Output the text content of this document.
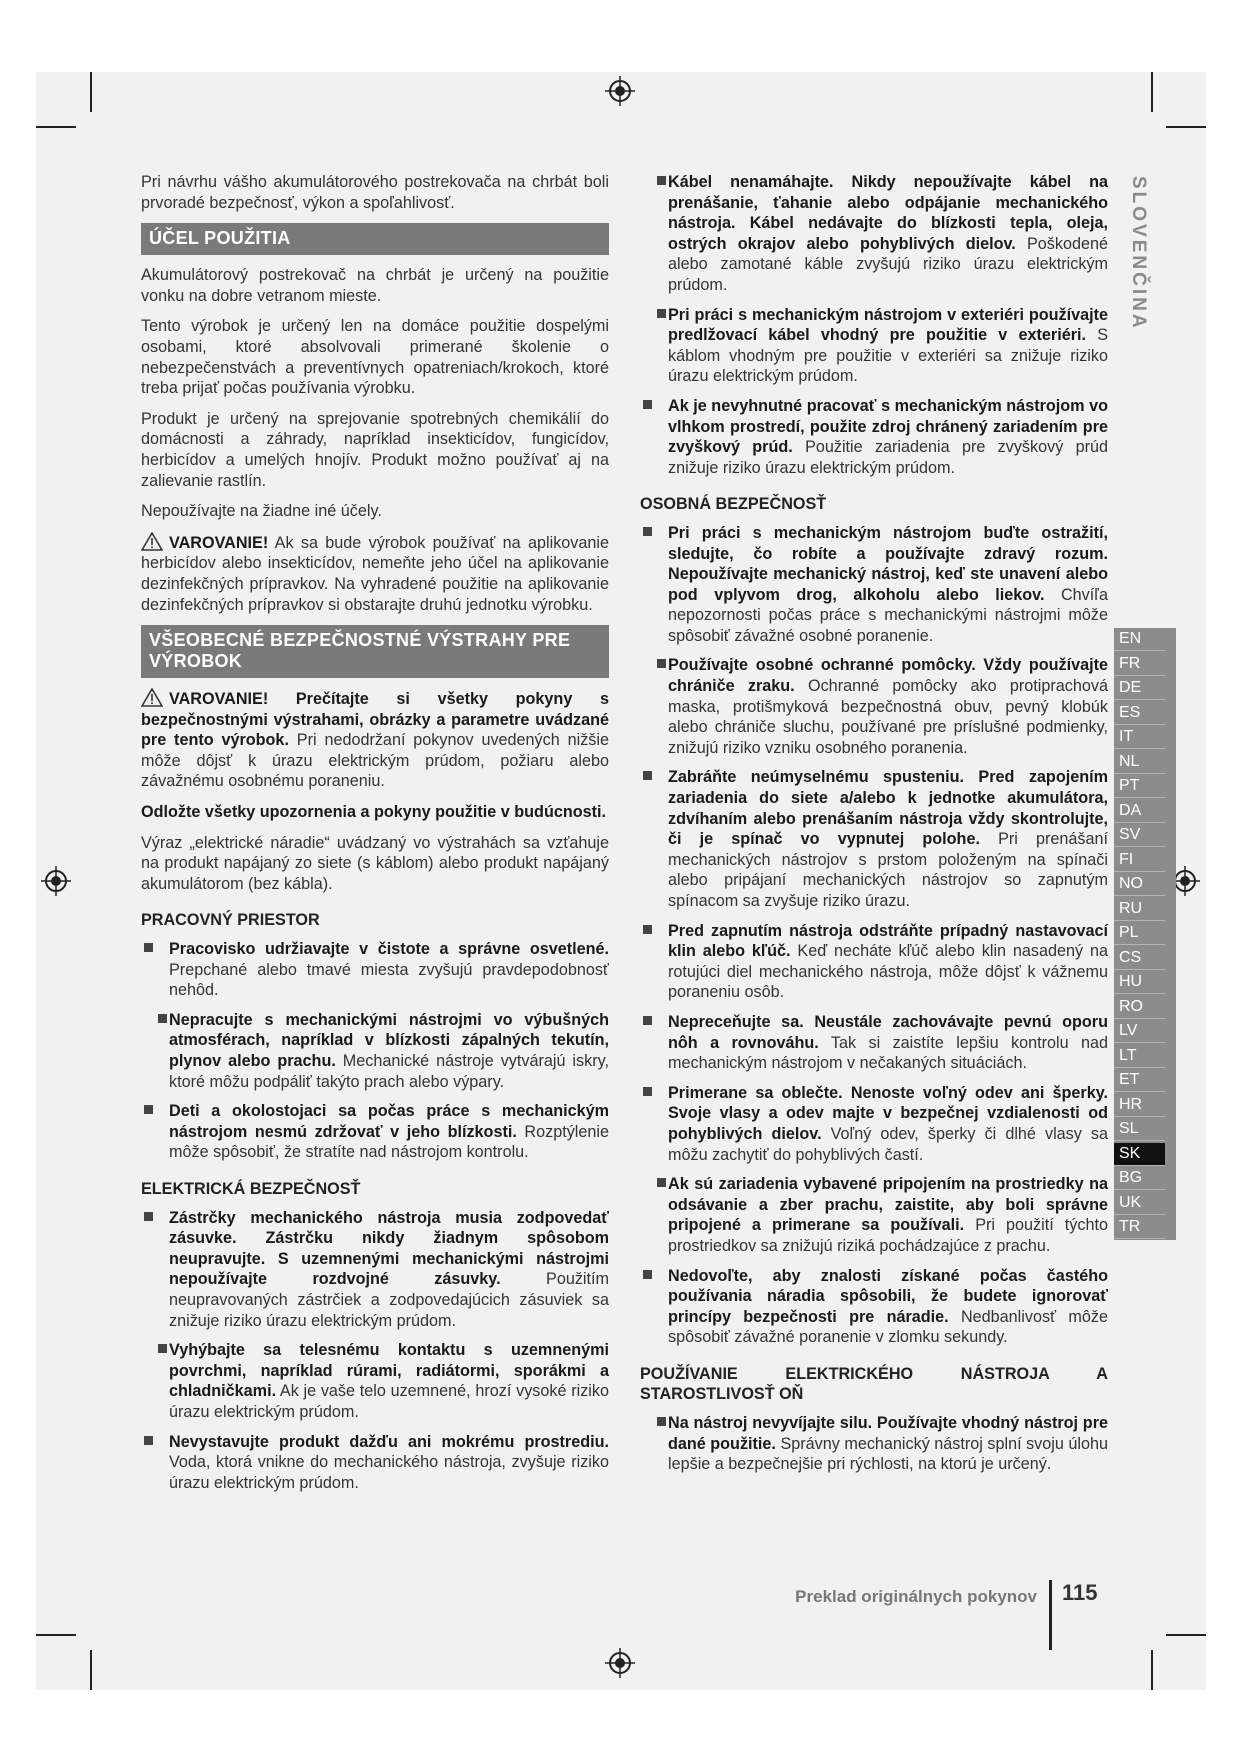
SLOVENČINA

Pri návrhu vášho akumulátorového postrekovača na chrbát boli prvoradé bezpečnosť, výkon a spoľahlivosť.

ÚČEL POUŽITIA

Akumulátorový postrekovač na chrbát je určený na použitie vonku na dobre vetranom mieste.

Tento výrobok je určený len na domáce použitie dospelými osobami, ktoré absolvovali primerané školenie o nebezpečenstvách a preventívnych opatreniach/krokoch, ktoré treba prijať počas používania výrobku.

Produkt je určený na sprejovanie spotrebných chemikálií do domácnosti a záhrady, napríklad insekticídov, fungicídov, herbicídov a umelých hnojív. Produkt možno používať aj na zalievanie rastlín.

Nepoužívajte na žiadne iné účely.

VAROVANIE! Ak sa bude výrobok používať na aplikovanie herbicídov alebo insekticídov, nemeňte jeho účel na aplikovanie dezinfekčných prípravkov. Na vyhradené použitie na aplikovanie dezinfekčných prípravkov si obstarajte druhú jednotku výrobku.

VŠEOBECNÉ BEZPEČNOSTNÉ VÝSTRAHY PRE VÝROBOK

VAROVANIE! Prečítajte si všetky pokyny s bezpečnostnými výstrahami, obrázky a parametre uvádzané pre tento výrobok. Pri nedodržaní pokynov uvedených nižšie môže dôjsť k úrazu elektrickým prúdom, požiaru alebo závažnému osobnému poraneniu.

Odložte všetky upozornenia a pokyny použitie v budúcnosti.

Výraz „elektrické náradie“ uvádzaný vo výstrahách sa vzťahuje na produkt napájaný zo siete (s káblom) alebo produkt napájaný akumulátorom (bez kábla).

PRACOVNÝ PRIESTOR
Pracovisko udržiavajte v čistote a správne osvetlené. Prepchané alebo tmavé miesta zvyšujú pravdepodobnosť nehôd.
Nepracujte s mechanickými nástrojmi vo výbušných atmosférach, napríklad v blízkosti zápalných tekutín, plynov alebo prachu. Mechanické nástroje vytvárajú iskry, ktoré môžu podpáliť takýto prach alebo výpary.
Deti a okolostojaci sa počas práce s mechanickým nástrojom nesmú zdržovať v jeho blízkosti. Rozptýlenie môže spôsobiť, že stratíte nad nástrojom kontrolu.
ELEKTRICKÁ BEZPEČNOSŤ
Zástrčky mechanického nástroja musia zodpovedať zásuvke. Zástrčku nikdy žiadnym spôsobom neupravujte. S uzemnenými mechanickými nástrojmi nepoužívajte rozdvojné zásuvky. Použitím neupravovaných zástrčiek a zodpovedajúcich zásuviek sa znižuje riziko úrazu elektrickým prúdom.
Vyhýbajte sa telesnému kontaktu s uzemnenými povrchmi, napríklad rúrami, radiátormi, sporákmi a chladničkami. Ak je vaše telo uzemnené, hrozí vysoké riziko úrazu elektrickým prúdom.
Nevystavujte produkt dažďu ani mokrému prostrediu. Voda, ktorá vnikne do mechanického nástroja, zvyšuje riziko úrazu elektrickým prúdom.
Kábel nenamáhajte. Nikdy nepoužívajte kábel na prenášanie, ťahanie alebo odpájanie mechanického nástroja. Kábel nedávajte do blízkosti tepla, oleja, ostrých okrajov alebo pohyblivých dielov. Poškodené alebo zamotané káble zvyšujú riziko úrazu elektrickým prúdom.
Pri práci s mechanickým nástrojom v exteriéri používajte predlžovací kábel vhodný pre použitie v exteriéri. S káblom vhodným pre použitie v exteriéri sa znižuje riziko úrazu elektrickým prúdom.
Ak je nevyhnutné pracovať s mechanickým nástrojom vo vlhkom prostredí, použite zdroj chránený zariadením pre zvyškový prúd. Použitie zariadenia pre zvyškový prúd znižuje riziko úrazu elektrickým prúdom.
OSOBNÁ BEZPEČNOSŤ
Pri práci s mechanickým nástrojom buďte ostražití, sledujte, čo robíte a používajte zdravý rozum. Nepoužívajte mechanický nástroj, keď ste unavení alebo pod vplyvom drog, alkoholu alebo liekov. Chvíľa nepozornosti počas práce s mechanickými nástrojmi môže spôsobiť závažné osobné poranenie.
Používajte osobné ochranné pomôcky. Vždy používajte chrániče zraku. Ochranné pomôcky ako protiprachová maska, protišmyková bezpečnostná obuv, pevný klobúk alebo chrániče sluchu, používané pre príslušné podmienky, znižujú riziko vzniku osobného poranenia.
Zabráňte neúmyselnému spusteniu. Pred zapojením zariadenia do siete a/alebo k jednotke akumulátora, zdvíhaním alebo prenášaním nástroja vždy skontrolujte, či je spínač vo vypnutej polohe. Pri prenášaní mechanických nástrojov s prstom položeným na spínači alebo pripájaní mechanických nástrojov so zapnutým spínacom sa zvyšuje riziko úrazu.
Pred zapnutím nástroja odstráňte prípadný nastavovací klin alebo kľúč. Keď necháte kľúč alebo klin nasadený na rotujúci diel mechanického nástroja, môže dôjsť k vážnemu poraneniu osôb.
Nepreceňujte sa. Neustále zachovávajte pevnú oporu nôh a rovnováhu. Tak si zaistíte lepšiu kontrolu nad mechanickým nástrojom v nečakaných situáciách.
Primerane sa oblečte. Nenoste voľný odev ani šperky. Svoje vlasy a odev majte v bezpečnej vzdialenosti od pohyblivých dielov. Voľný odev, šperky či dlhé vlasy sa môžu zachytiť do pohyblivých častí.
Ak sú zariadenia vybavené pripojením na prostriedky na odsávanie a zber prachu, zaistite, aby boli správne pripojené a primerane sa používali. Pri použití týchto prostriedkov sa znižujú riziká pochádzajúce z prachu.
Nedovoľte, aby znalosti získané počas častého používania náradia spôsobili, že budete ignorovať princípy bezpečnosti pre náradie. Nedbanlivosť môže spôsobiť závažné poranenie v zlomku sekundy.
POUŽÍVANIE ELEKTRICKÉHO NÁSTROJA A STAROSTLIVOSŤ OŇ
Na nástroj nevyvíjajte silu. Používajte vhodný nástroj pre dané použitie. Správny mechanický nástroj splní svoju úlohu lepšie a bezpečnejšie pri rýchlosti, na ktorú je určený.
EN
FR
DE
ES
IT
NL
PT
DA
SV
FI
NO
RU
PL
CS
HU
RO
LV
LT
ET
HR
SL
SK
BG
UK
TR
Preklad originálnych pokynov 115
